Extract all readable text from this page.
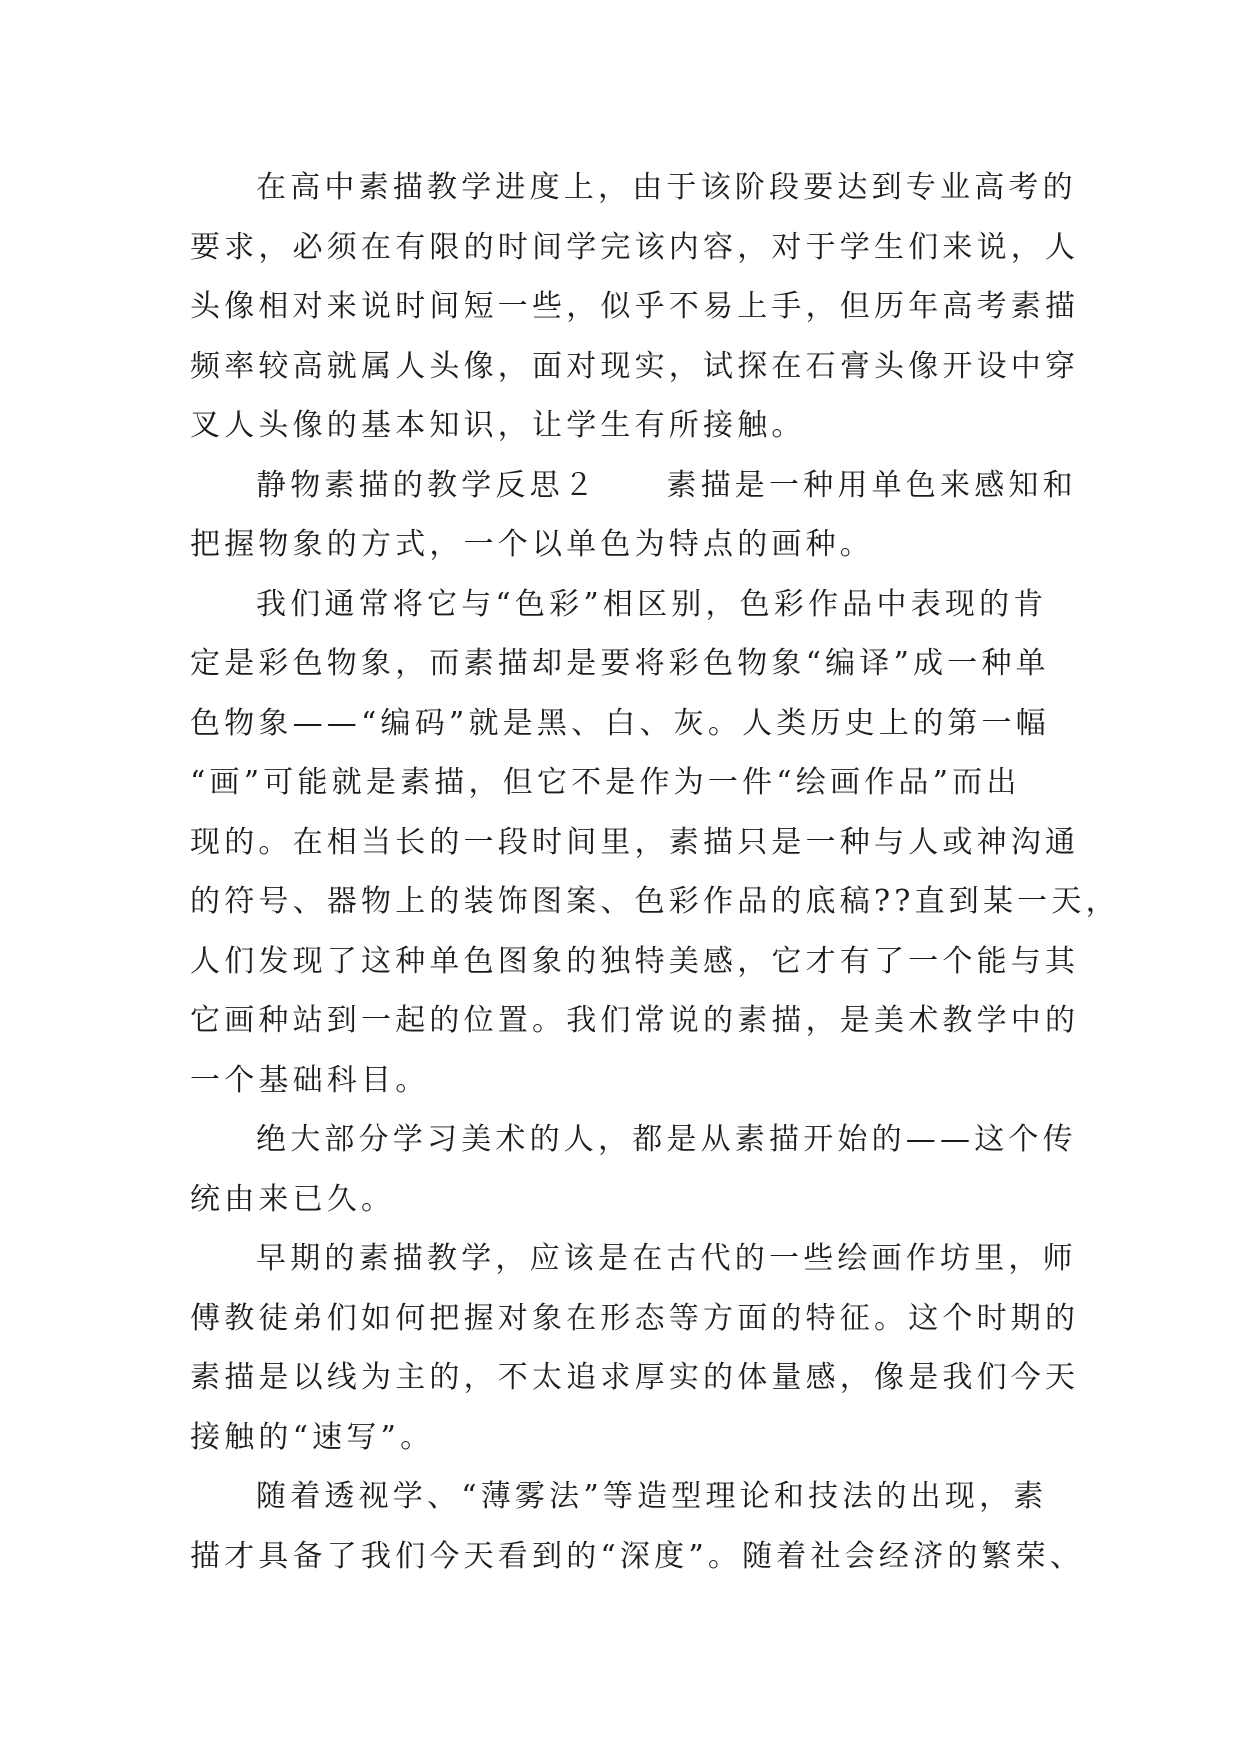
在高中素描教学进度上，由于该阶段要达到专业高考的
要求，必须在有限的时间学完该内容，对于学生们来说，人
头像相对来说时间短一些，似乎不易上手，但历年高考素描
频率较高就属人头像，面对现实，试探在石膏头像开设中穿
叉人头像的基本知识，让学生有所接触。
静物素描的教学反思２　　素描是一种用单色来感知和
把握物象的方式，一个以单色为特点的画种。
我们通常将它与“色彩”相区别，色彩作品中表现的肯
定是彩色物象，而素描却是要将彩色物象“编译”成一种单
色物象——“编码”就是黑、白、灰。人类历史上的第一幅
“画”可能就是素描，但它不是作为一件“绘画作品”而出
现的。在相当长的一段时间里，素描只是一种与人或神沟通
的符号、器物上的装饰图案、色彩作品的底稿??直到某一天，
人们发现了这种单色图象的独特美感，它才有了一个能与其
它画种站到一起的位置。我们常说的素描，是美术教学中的
一个基础科目。
绝大部分学习美术的人，都是从素描开始的——这个传
统由来已久。
早期的素描教学，应该是在古代的一些绘画作坊里，师
傅教徒弟们如何把握对象在形态等方面的特征。这个时期的
素描是以线为主的，不太追求厚实的体量感，像是我们今天
接触的“速写”。
随着透视学、“薄雾法”等造型理论和技法的出现，素
描才具备了我们今天看到的“深度”。随着社会经济的繁荣、
